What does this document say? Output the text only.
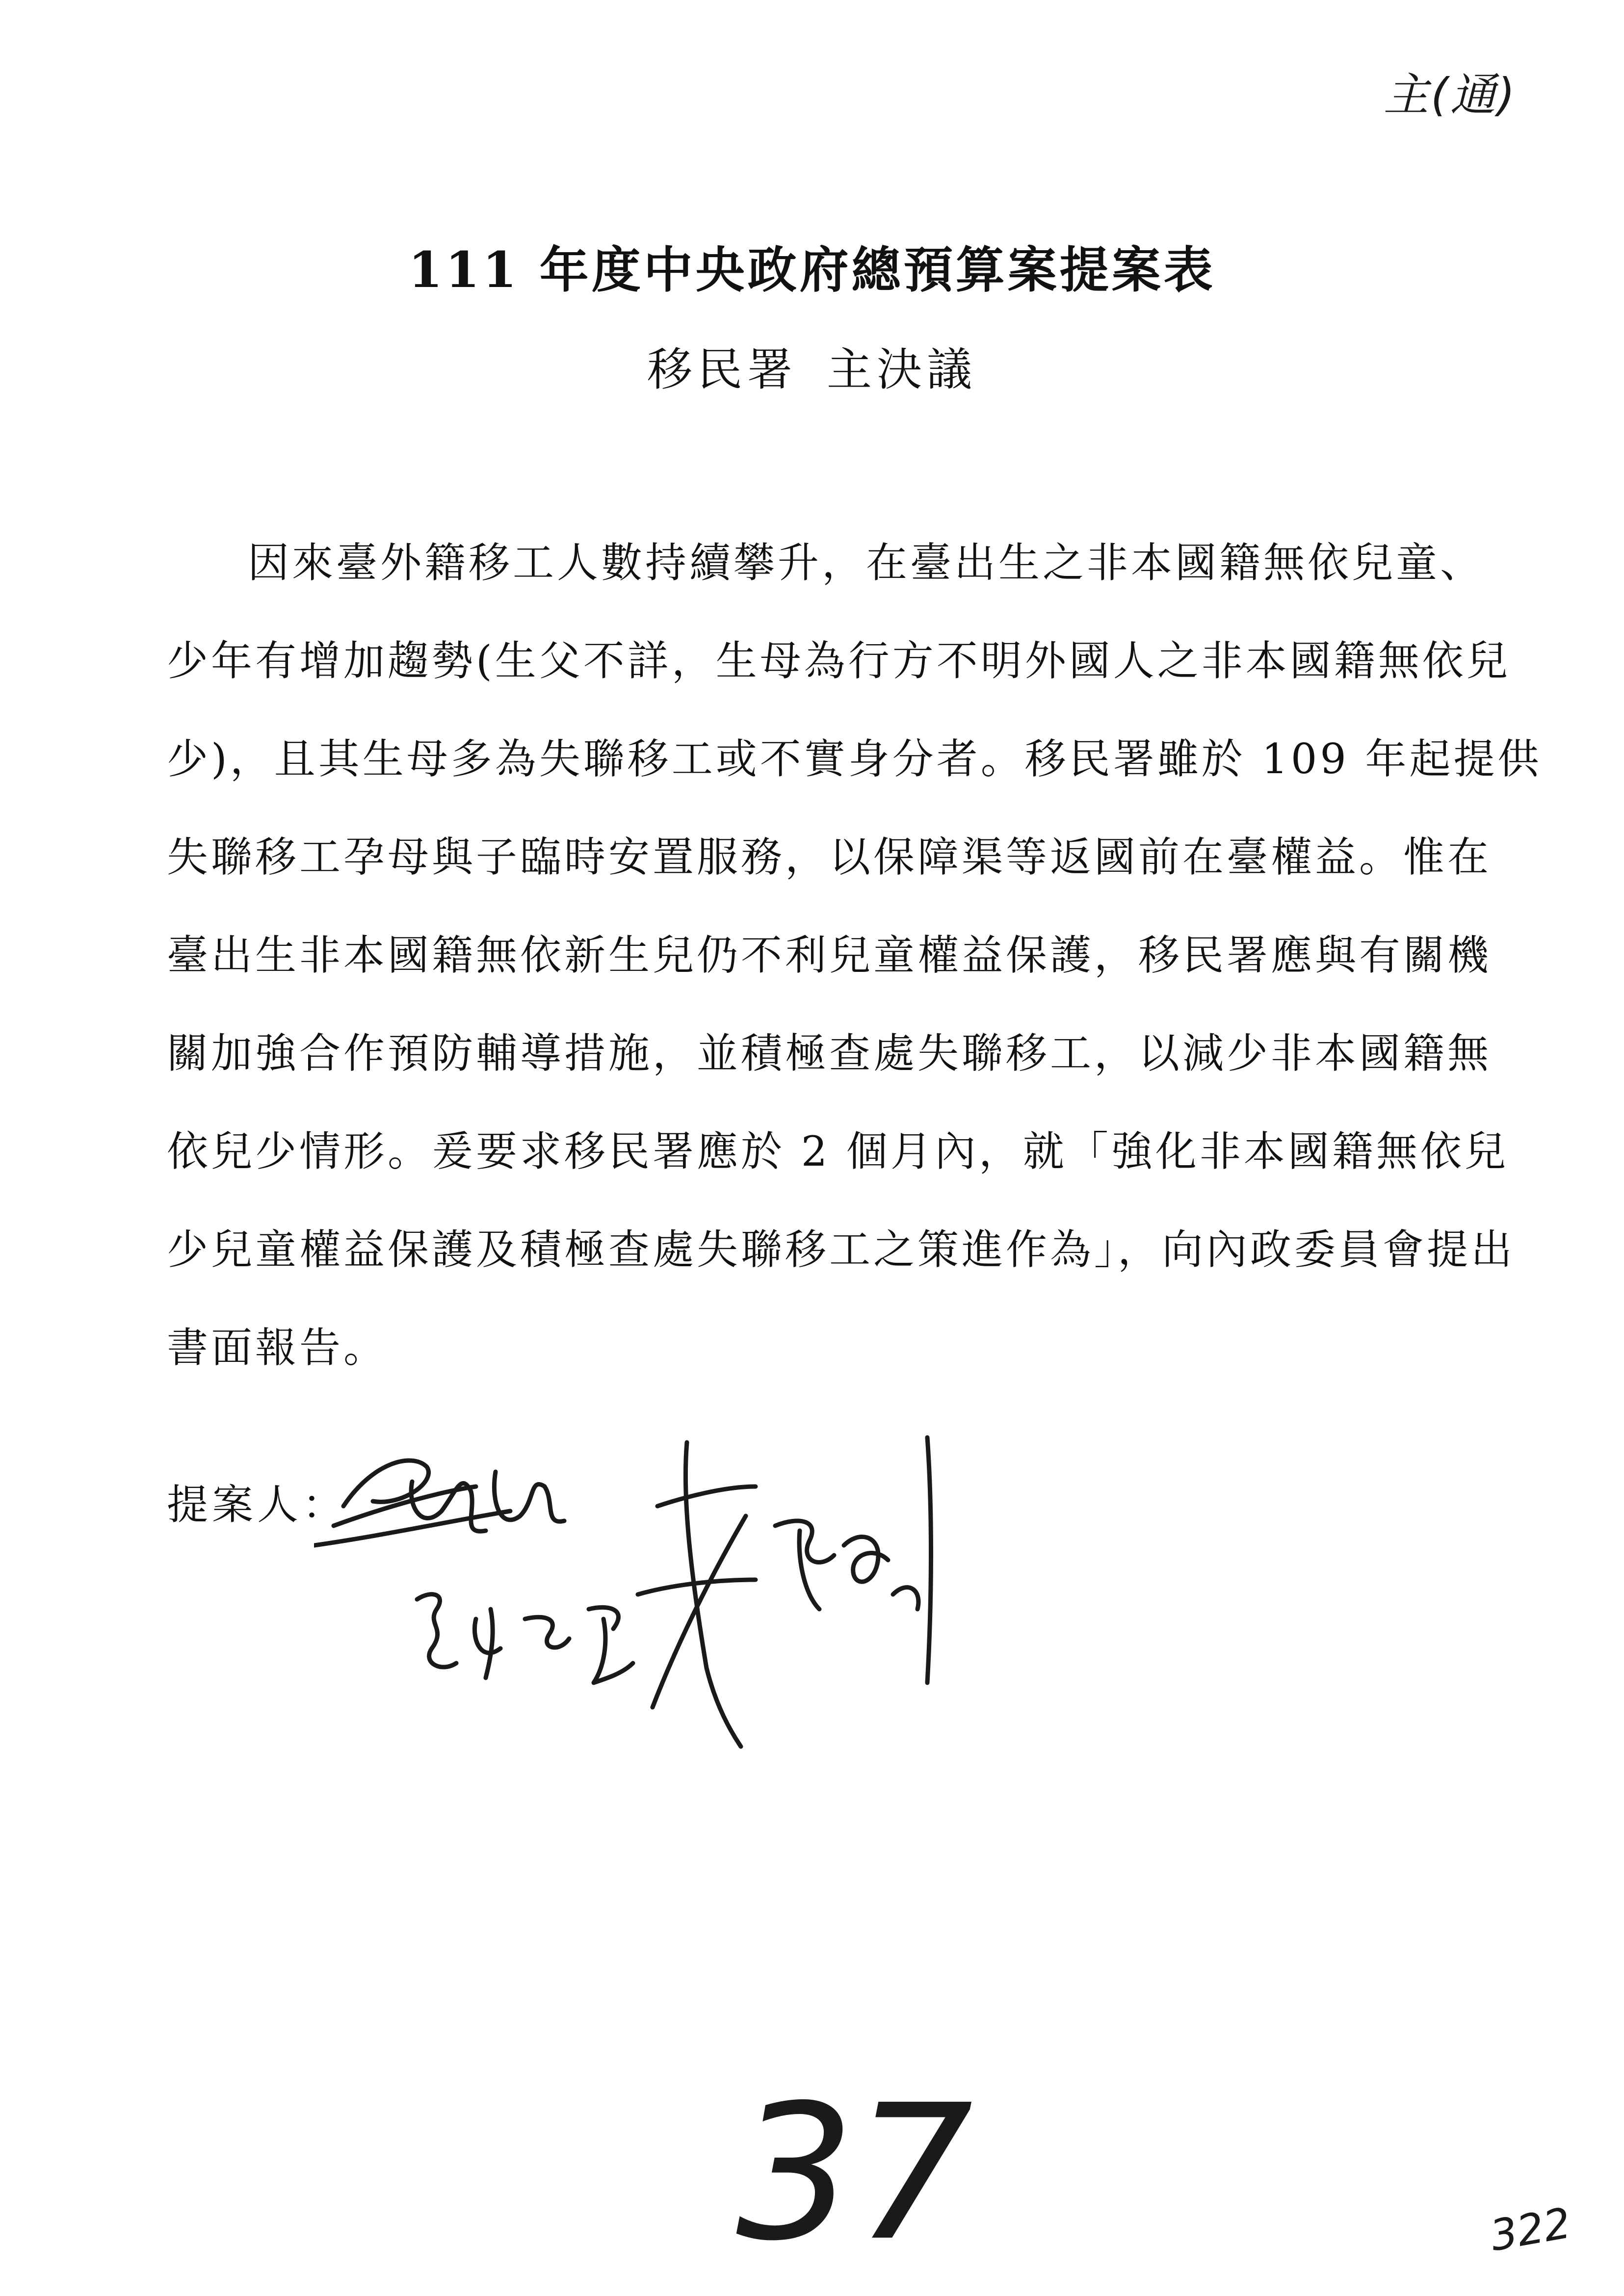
主(通)
111 年度中央政府總預算案提案表
移民署 主決議
因來臺外籍移工人數持續攀升，在臺出生之非本國籍無依兒童、
少年有增加趨勢(生父不詳，生母為行方不明外國人之非本國籍無依兒
少)，且其生母多為失聯移工或不實身分者。移民署雖於 109 年起提供
失聯移工孕母與子臨時安置服務，以保障渠等返國前在臺權益。惟在
臺出生非本國籍無依新生兒仍不利兒童權益保護，移民署應與有關機
關加強合作預防輔導措施，並積極查處失聯移工，以減少非本國籍無
依兒少情形。爰要求移民署應於 2 個月內，就「強化非本國籍無依兒
少兒童權益保護及積極查處失聯移工之策進作為」，向內政委員會提出
書面報告。
提案人：
37	322
